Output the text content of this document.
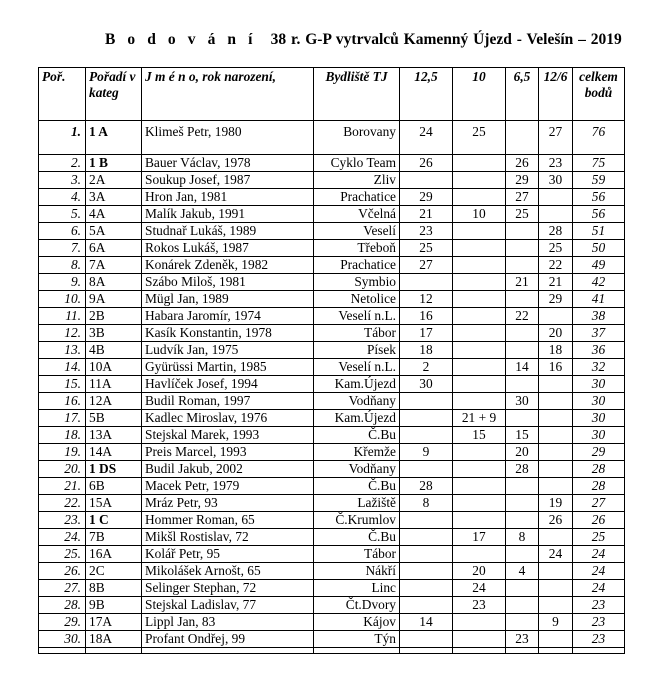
B o d o v á n í 38 r. G-P vytrvalců Kamenný Újezd - Velešín – 2019
Poř.	Pořadí v kateg	J m é n o, rok narození,	Bydliště TJ	12,5	10	6,5	12/6	celkem bodů
1.	1 A	Klimeš Petr, 1980	Borovany	24	25		27	76
2.	1 B	Bauer Václav, 1978	Cyklo Team	26		26	23	75
3.	2A	Soukup Josef, 1987	Zliv			29	30	59
4.	3A	Hron Jan, 1981	Prachatice	29		27		56
5.	4A	Malík Jakub, 1991	Včelná	21	10	25		56
6.	5A	Studnař Lukáš, 1989	Veselí	23			28	51
7.	6A	Rokos Lukáš, 1987	Třeboň	25			25	50
8.	7A	Konárek Zdeněk, 1982	Prachatice	27			22	49
9.	8A	Szábo Miloš, 1981	Symbio			21	21	42
10.	9A	Mügl Jan, 1989	Netolice	12			29	41
11.	2B	Habara Jaromír, 1974	Veselí n.L.	16		22		38
12.	3B	Kasík Konstantin, 1978	Tábor	17			20	37
13.	4B	Ludvík Jan, 1975	Písek	18			18	36
14.	10A	Gyürüssi Martin, 1985	Veselí n.L.	2		14	16	32
15.	11A	Havlíček Josef, 1994	Kam.Újezd	30				30
16.	12A	Budil Roman, 1997	Vodňany			30		30
17.	5B	Kadlec Miroslav, 1976	Kam.Újezd		21 + 9			30
18.	13A	Stejskal Marek, 1993	Č.Bu		15	15		30
19.	14A	Preis Marcel, 1993	Křemže	9		20		29
20.	1 DS	Budil Jakub, 2002	Vodňany			28		28
21.	6B	Macek Petr, 1979	Č.Bu	28				28
22.	15A	Mráz Petr, 93	Lažiště	8			19	27
23.	1 C	Hommer Roman, 65	Č.Krumlov				26	26
24.	7B	Mikšl Rostislav, 72	Č.Bu		17	8		25
25.	16A	Kolář Petr, 95	Tábor				24	24
26.	2C	Mikolášek Arnošt, 65	Nákří		20	4		24
27.	8B	Selinger Stephan, 72	Linc		24			24
28.	9B	Stejskal Ladislav, 77	Čt.Dvory		23			23
29.	17A	Lippl Jan, 83	Kájov	14			9	23
30.	18A	Profant Ondřej, 99	Týn			23		23
